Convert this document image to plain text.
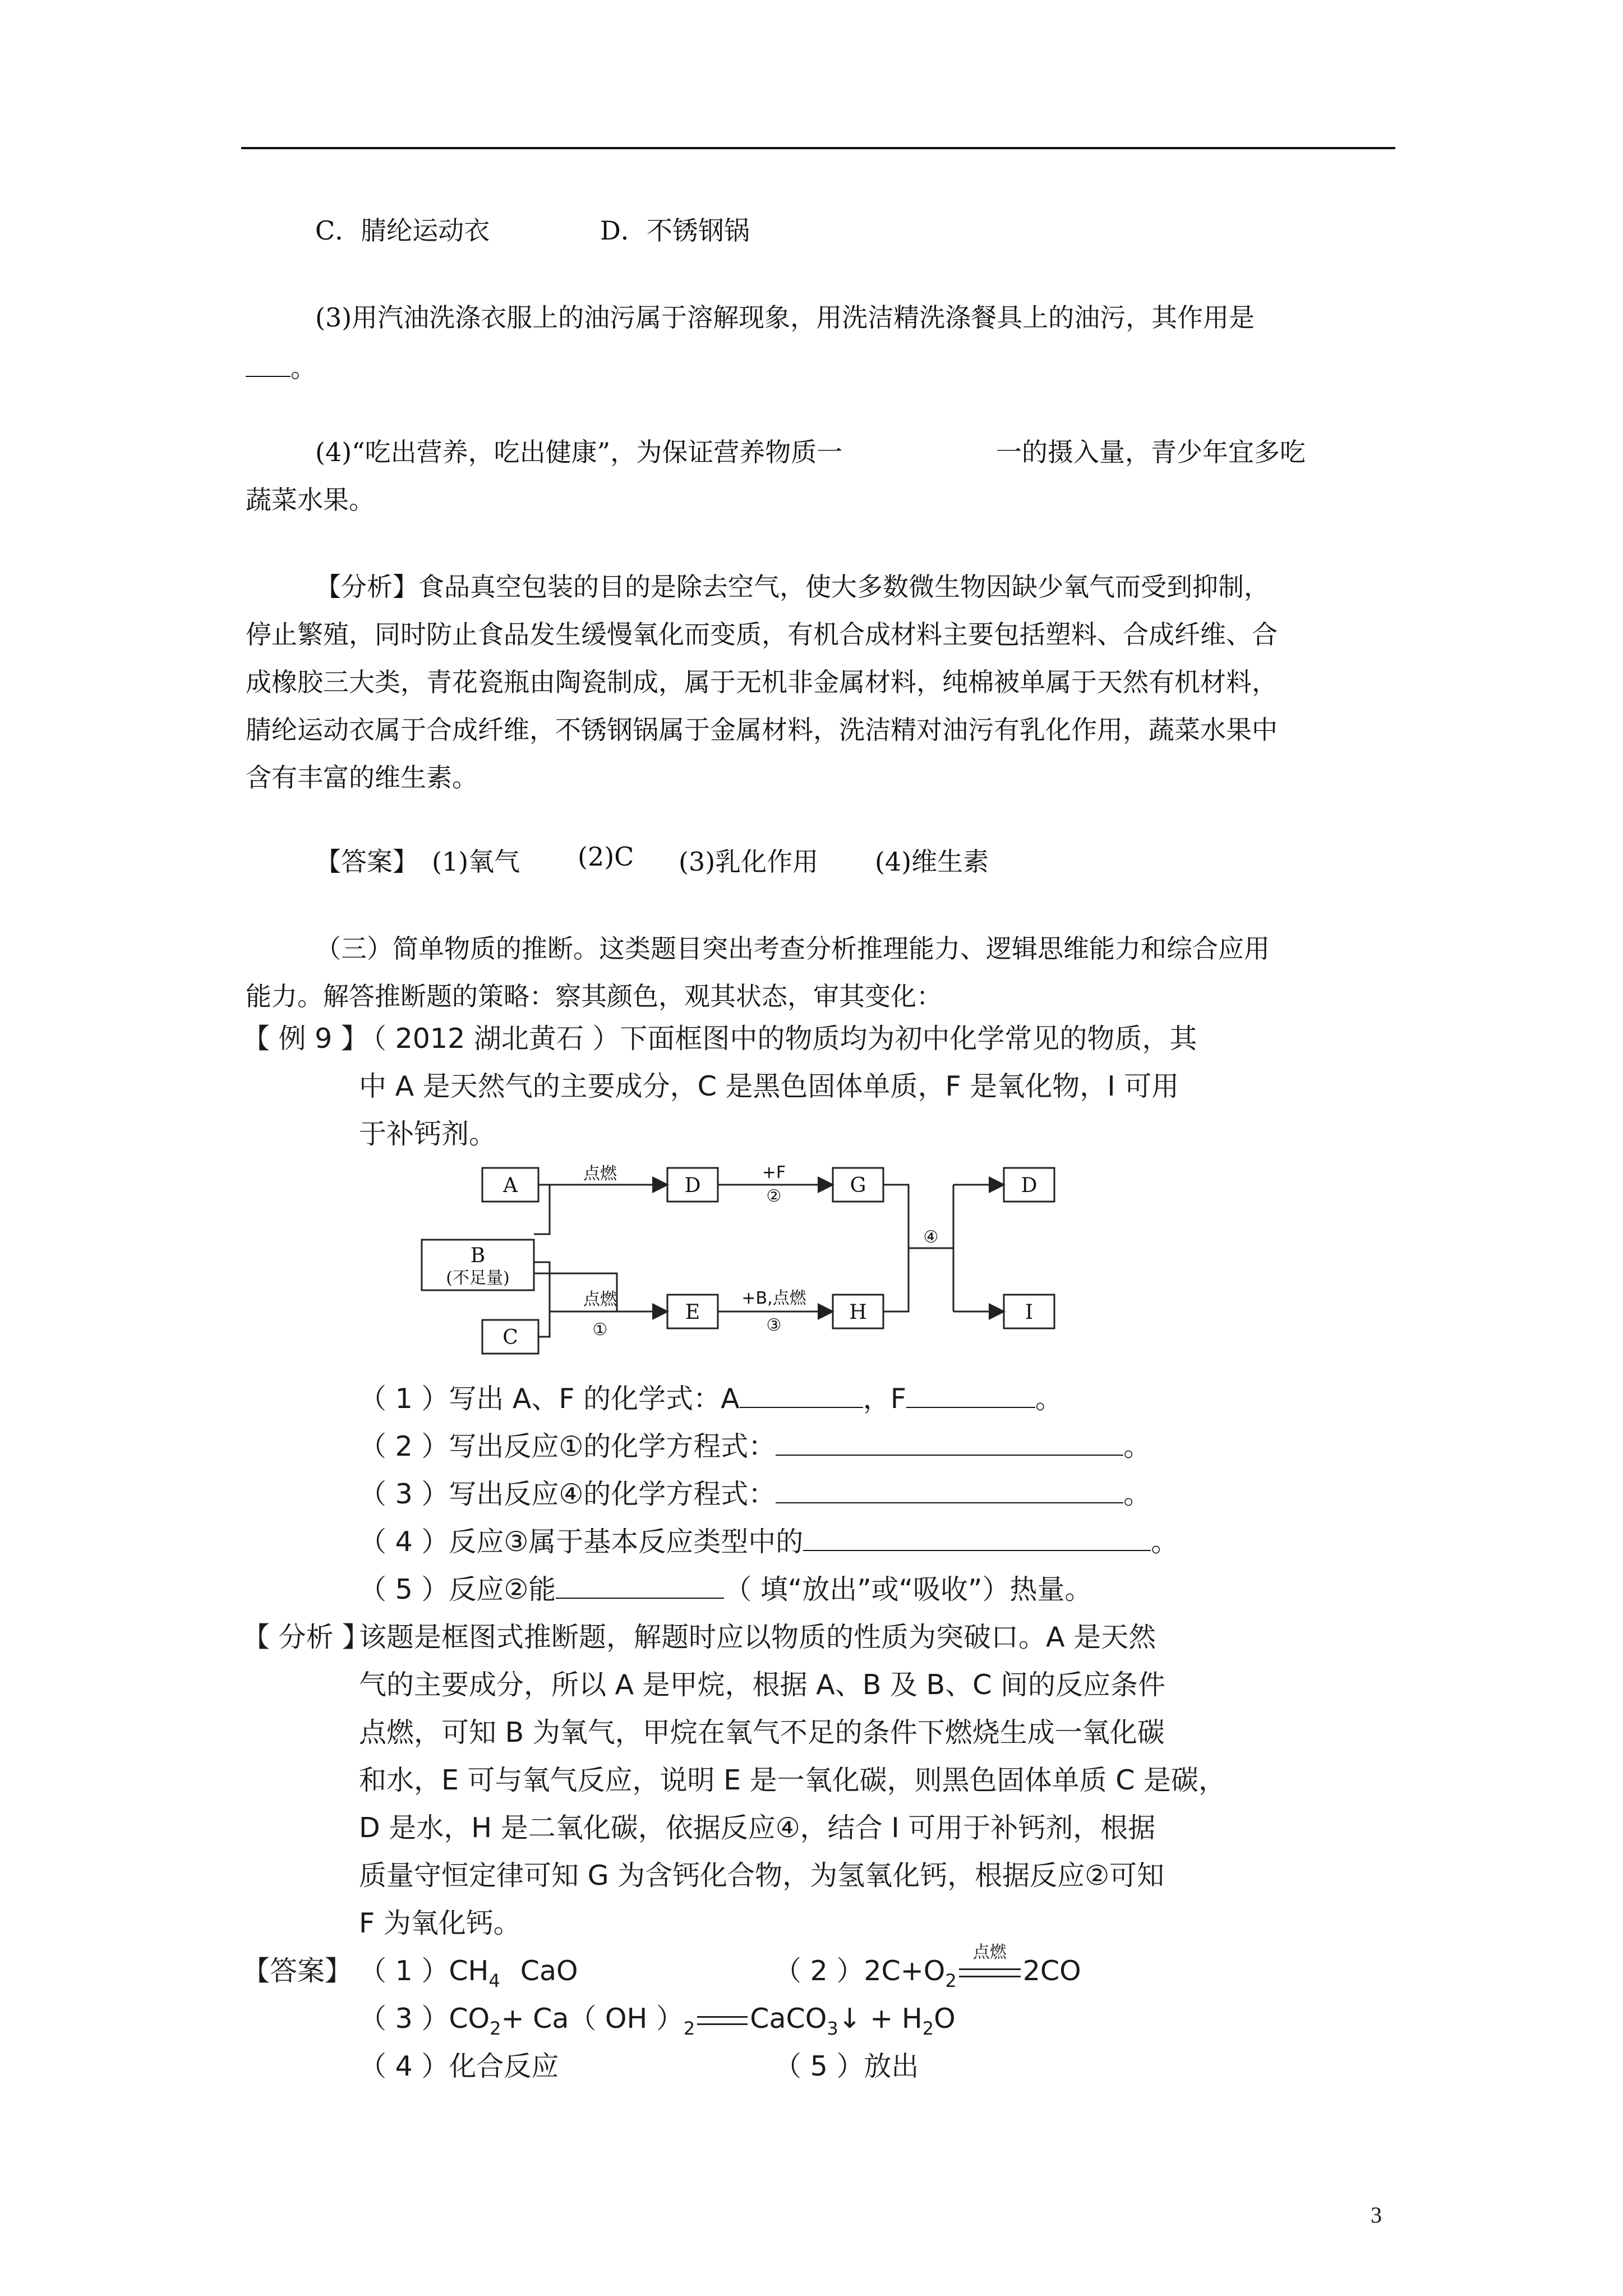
C．腈纶运动衣	D．不锈钢锅
(3)用汽油洗涤衣服上的油污属于溶解现象，用洗洁精洗涤餐具上的油污，其作用是
。
(4)“吃出营养，吃出健康”，为保证营养物质一	一的摄入量，青少年宜多吃
蔬菜水果。
【分析】食品真空包装的目的是除去空气，使大多数微生物因缺少氧气而受到抑制，
停止繁殖，同时防止食品发生缓慢氧化而变质，有机合成材料主要包括塑料、合成纤维、合
成橡胶三大类，青花瓷瓶由陶瓷制成，属于无机非金属材料，纯棉被单属于天然有机材料，
腈纶运动衣属于合成纤维，不锈钢锅属于金属材料，洗洁精对油污有乳化作用，蔬菜水果中
含有丰富的维生素。
【答案】 (1)氧气 (2)C (3)乳化作用 (4)维生素
（三）简单物质的推断。这类题目突出考查分析推理能力、逻辑思维能力和综合应用
能力。解答推断题的策略：察其颜色，观其状态，审其变化：
【 例 9 】
（ 2012 湖北黄石 ）下面框图中的物质均为初中化学常见的物质，其
中 A 是天然气的主要成分，C 是黑色固体单质，F 是氧化物，I 可用
于补钙剂。
A
B
(不足量)
C
D
E
G
H
D
I
点燃
点燃
①
+F
②
+B,点燃
③
④
（ 1 ）写出 A、F 的化学式：A	，F	。
（ 2 ）写出反应①的化学方程式：	。
（ 3 ）写出反应④的化学方程式：	。
（ 4 ）反应③属于基本反应类型中的	。
（ 5 ）反应②能	（ 填“放出”或“吸收”）热量。
【 分析 】
该题是框图式推断题，解题时应以物质的性质为突破口。A 是天然
气的主要成分，所以 A 是甲烷，根据 A、B 及 B、C 间的反应条件
点燃，可知 B 为氧气，甲烷在氧气不足的条件下燃烧生成一氧化碳
和水，E 可与氧气反应，说明 E 是一氧化碳，则黑色固体单质 C 是碳，
D 是水，H 是二氧化碳，依据反应④，结合 I 可用于补钙剂，根据
质量守恒定律可知 G 为含钙化合物，为氢氧化钙，根据反应②可知
F 为氧化钙。
【答案】 （ 1 ）$CH_4$ CaO	（ 2 ）$2C+O_2$
点燃
2CO
（ 3 ）$CO_2+ Ca$（ OH ）$_2$ CaCO$_3$↓ + $H_2O$
（ 4 ）化合反应	（ 5 ）放出
3
